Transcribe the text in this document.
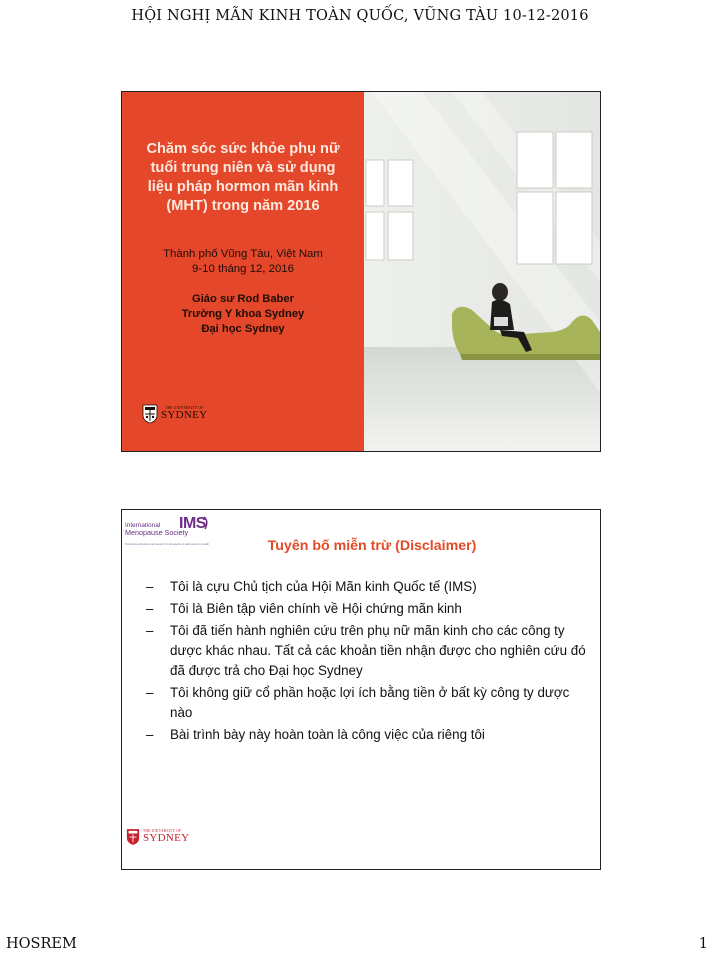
HỘI NGHỊ MÃN KINH TOÀN QUỐC, VŨNG TÀU 10-12-2016
Chăm sóc sức khỏe phụ nữ
tuổi trung niên và sử dụng
liệu pháp hormon mãn kinh
(MHT) trong năm 2016
Thành phố Vũng Tàu, Việt Nam
9-10 tháng 12, 2016
Giáo sư Rod Baber
Trường Y khoa Sydney
Đại học Sydney
THE UNIVERSITY OF
SYDNEY
International
Menopause Society
IMS
Promoting education and research on all aspects of adult women's health	Tuyên bố miễn trừ (Disclaimer)
– Tôi là cựu Chủ tịch của Hội Mãn kinh Quốc tế (IMS)
– Tôi là Biên tập viên chính về Hội chứng mãn kinh
– Tôi đã tiến hành nghiên cứu trên phụ nữ mãn kinh cho các công ty dược khác nhau. Tất cả các khoản tiền nhận được cho nghiên cứu đó đã được trả cho Đại học Sydney
– Tôi không giữ cổ phần hoặc lợi ích bằng tiền ở bất kỳ công ty dược nào
– Bài trình bày này hoàn toàn là công việc của riêng tôi
THE UNIVERSITY OF
SYDNEY
HOSREM	1
